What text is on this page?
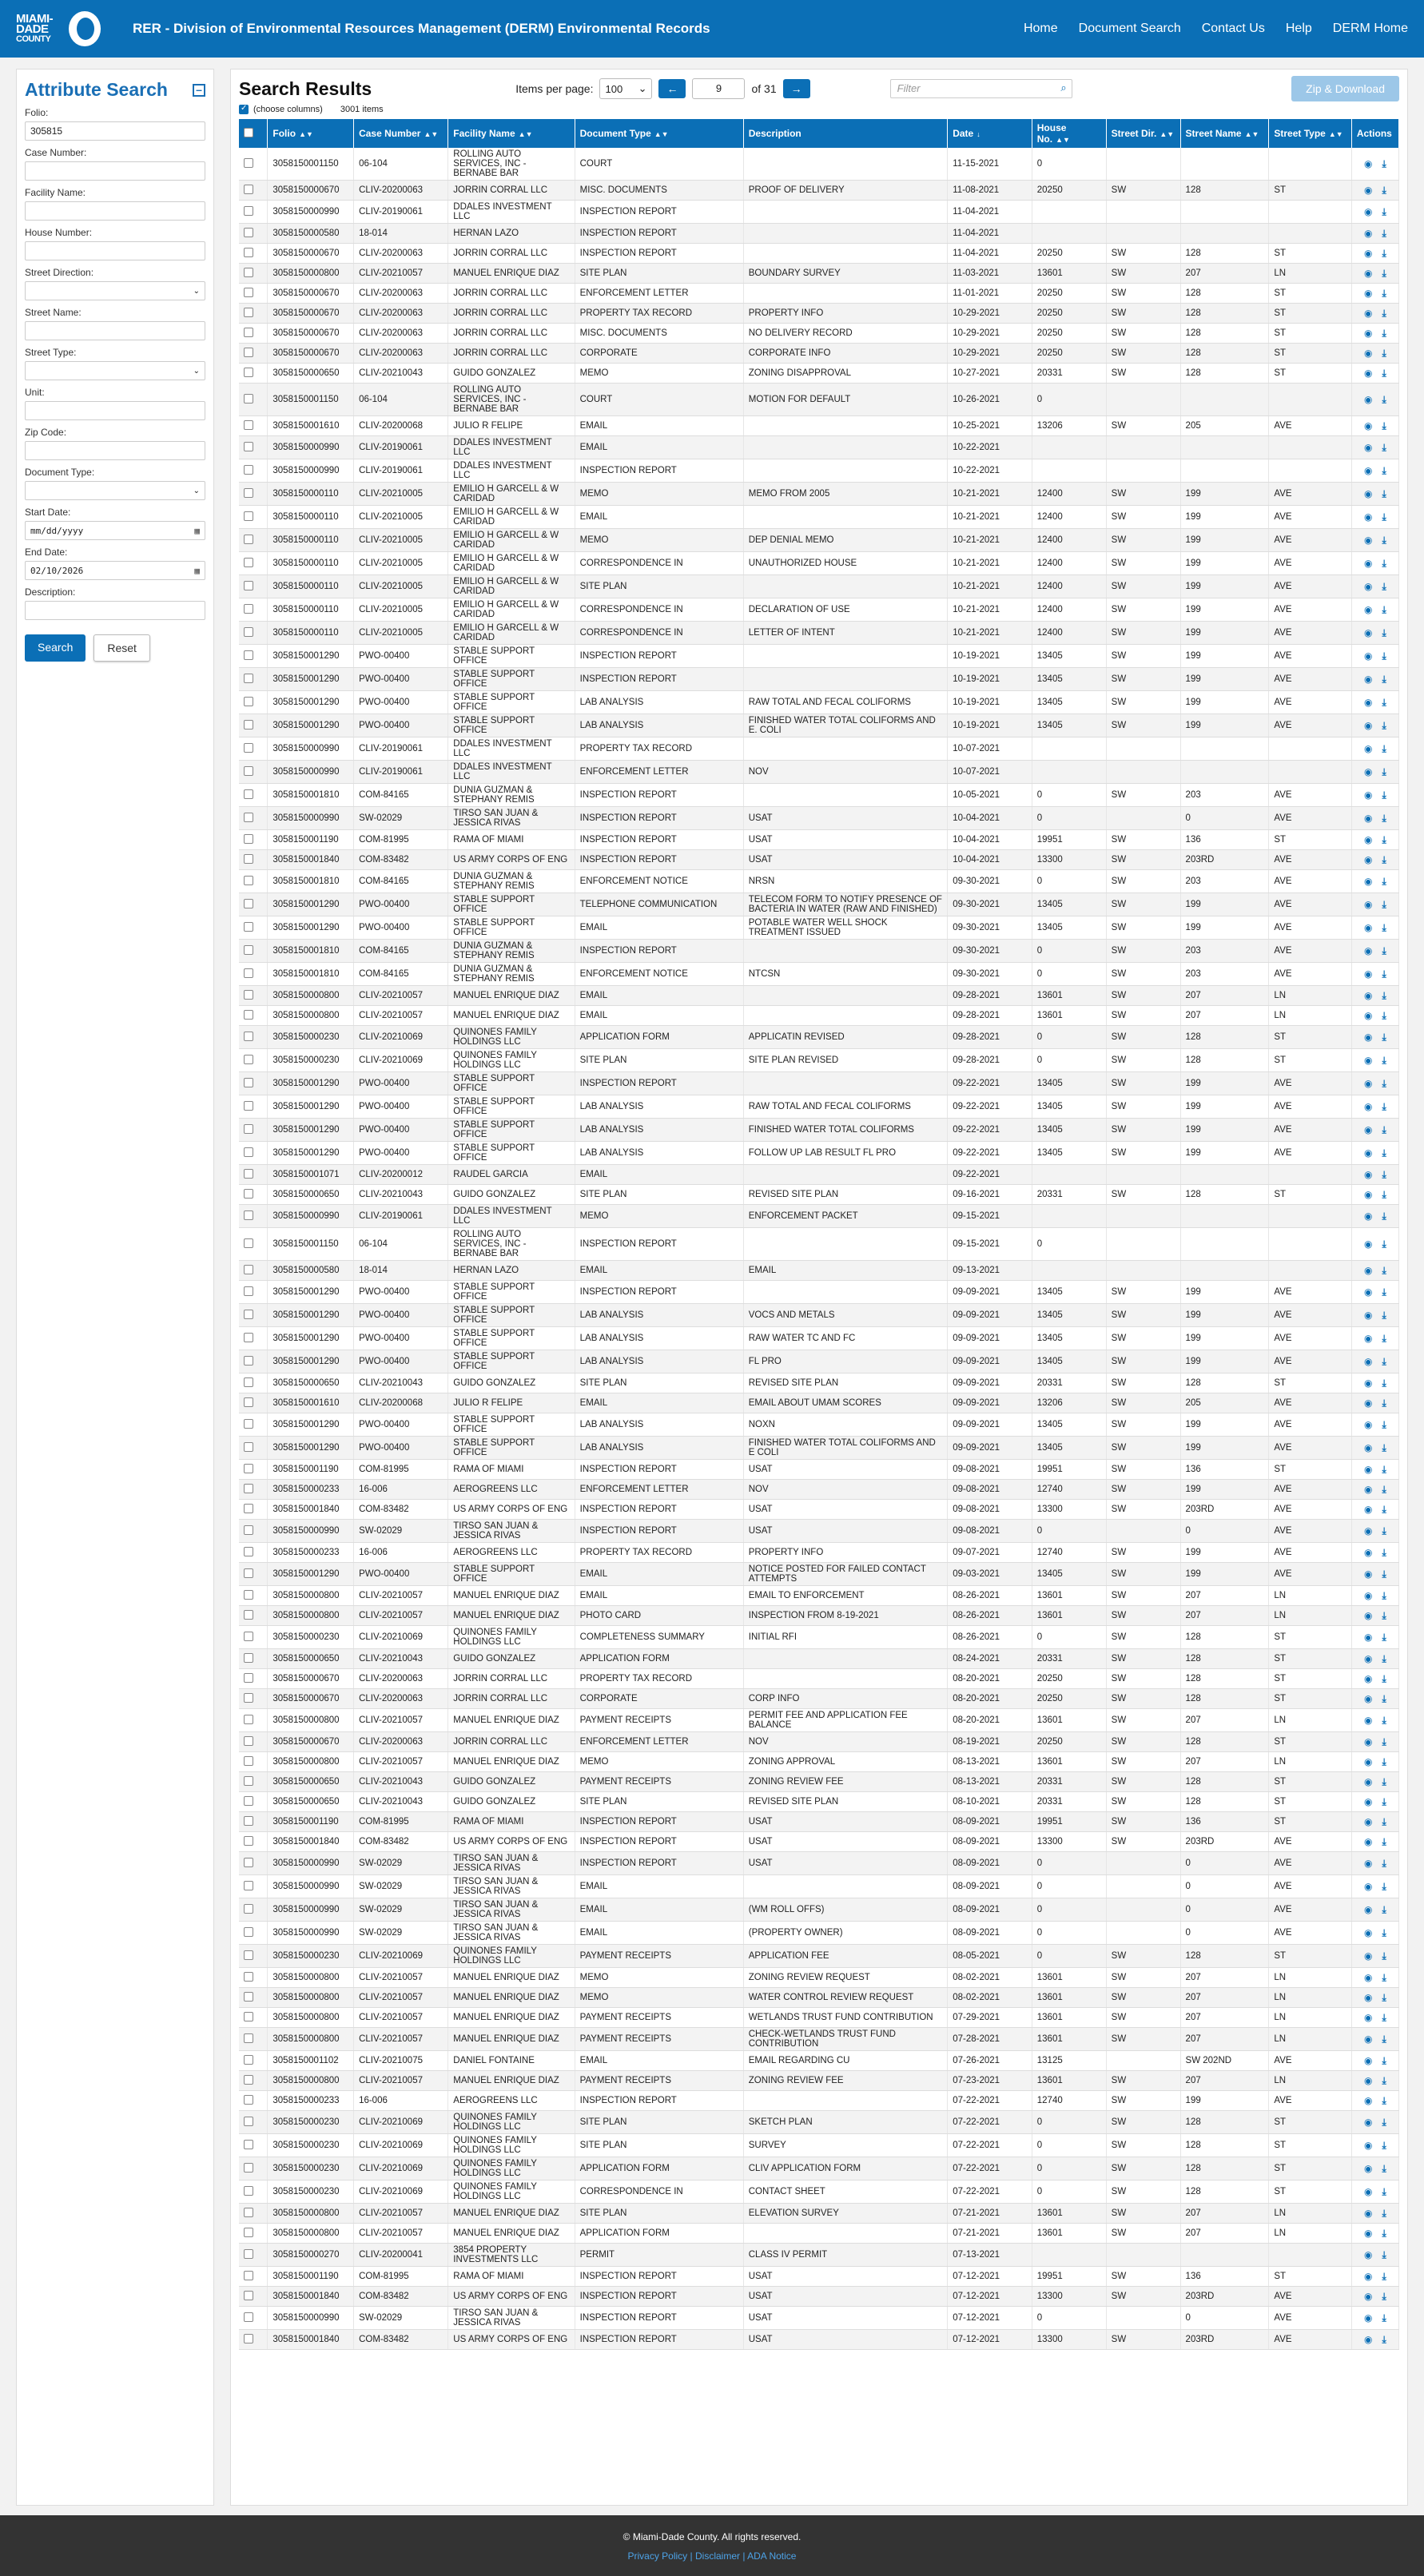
MIAMI-DADE
COUNTY
RER - Division of Environmental Resources Management (DERM) Environmental Records	Home Document Search Contact Us Help DERM Home
Attribute Search	–
Folio:
305815
Case Number:
Facility Name:
House Number:
Street Direction:
⌄
Street Name:
Street Type:
⌄
Unit:
Zip Code:
Document Type:
⌄
Start Date:
mm/dd/yyyy	▦
End Date:
02/10/2026	▦
Description:
Search	Reset
Search Results	Items per page: 100 ⌄	←	9	of 31	→	Filter	⌕	Zip & Download
✓
(choose columns) 3001 items
	Folio ▲▼	Case Number ▲▼	Facility Name ▲▼	Document Type ▲▼	Description	Date ↓	House No. ▲▼	Street Dir. ▲▼	Street Name ▲▼	Street Type ▲▼	Actions
	3058150001150	06-104	ROLLING AUTO SERVICES, INC - BERNABE BAR	COURT		11-15-2021	0				◉ ⤓

	3058150000670	CLIV-20200063	JORRIN CORRAL LLC	MISC. DOCUMENTS	PROOF OF DELIVERY	11-08-2021	20250	SW	128	ST	◉ ⤓

	3058150000990	CLIV-20190061	DDALES INVESTMENT LLC	INSPECTION REPORT		11-04-2021					◉ ⤓

	3058150000580	18-014	HERNAN LAZO	INSPECTION REPORT		11-04-2021					◉ ⤓

	3058150000670	CLIV-20200063	JORRIN CORRAL LLC	INSPECTION REPORT		11-04-2021	20250	SW	128	ST	◉ ⤓

	3058150000800	CLIV-20210057	MANUEL ENRIQUE DIAZ	SITE PLAN	BOUNDARY SURVEY	11-03-2021	13601	SW	207	LN	◉ ⤓

	3058150000670	CLIV-20200063	JORRIN CORRAL LLC	ENFORCEMENT LETTER		11-01-2021	20250	SW	128	ST	◉ ⤓

	3058150000670	CLIV-20200063	JORRIN CORRAL LLC	PROPERTY TAX RECORD	PROPERTY INFO	10-29-2021	20250	SW	128	ST	◉ ⤓

	3058150000670	CLIV-20200063	JORRIN CORRAL LLC	MISC. DOCUMENTS	NO DELIVERY RECORD	10-29-2021	20250	SW	128	ST	◉ ⤓

	3058150000670	CLIV-20200063	JORRIN CORRAL LLC	CORPORATE	CORPORATE INFO	10-29-2021	20250	SW	128	ST	◉ ⤓

	3058150000650	CLIV-20210043	GUIDO GONZALEZ	MEMO	ZONING DISAPPROVAL	10-27-2021	20331	SW	128	ST	◉ ⤓

	3058150001150	06-104	ROLLING AUTO SERVICES, INC - BERNABE BAR	COURT	MOTION FOR DEFAULT	10-26-2021	0				◉ ⤓

	3058150001610	CLIV-20200068	JULIO R FELIPE	EMAIL		10-25-2021	13206	SW	205	AVE	◉ ⤓

	3058150000990	CLIV-20190061	DDALES INVESTMENT LLC	EMAIL		10-22-2021					◉ ⤓

	3058150000990	CLIV-20190061	DDALES INVESTMENT LLC	INSPECTION REPORT		10-22-2021					◉ ⤓

	3058150000110	CLIV-20210005	EMILIO H GARCELL & W CARIDAD	MEMO	MEMO FROM 2005	10-21-2021	12400	SW	199	AVE	◉ ⤓

	3058150000110	CLIV-20210005	EMILIO H GARCELL & W CARIDAD	EMAIL		10-21-2021	12400	SW	199	AVE	◉ ⤓

	3058150000110	CLIV-20210005	EMILIO H GARCELL & W CARIDAD	MEMO	DEP DENIAL MEMO	10-21-2021	12400	SW	199	AVE	◉ ⤓

	3058150000110	CLIV-20210005	EMILIO H GARCELL & W CARIDAD	CORRESPONDENCE IN	UNAUTHORIZED HOUSE	10-21-2021	12400	SW	199	AVE	◉ ⤓

	3058150000110	CLIV-20210005	EMILIO H GARCELL & W CARIDAD	SITE PLAN		10-21-2021	12400	SW	199	AVE	◉ ⤓

	3058150000110	CLIV-20210005	EMILIO H GARCELL & W CARIDAD	CORRESPONDENCE IN	DECLARATION OF USE	10-21-2021	12400	SW	199	AVE	◉ ⤓

	3058150000110	CLIV-20210005	EMILIO H GARCELL & W CARIDAD	CORRESPONDENCE IN	LETTER OF INTENT	10-21-2021	12400	SW	199	AVE	◉ ⤓

	3058150001290	PWO-00400	STABLE SUPPORT OFFICE	INSPECTION REPORT		10-19-2021	13405	SW	199	AVE	◉ ⤓

	3058150001290	PWO-00400	STABLE SUPPORT OFFICE	INSPECTION REPORT		10-19-2021	13405	SW	199	AVE	◉ ⤓

	3058150001290	PWO-00400	STABLE SUPPORT OFFICE	LAB ANALYSIS	RAW TOTAL AND FECAL COLIFORMS	10-19-2021	13405	SW	199	AVE	◉ ⤓

	3058150001290	PWO-00400	STABLE SUPPORT OFFICE	LAB ANALYSIS	FINISHED WATER TOTAL COLIFORMS AND E. COLI	10-19-2021	13405	SW	199	AVE	◉ ⤓

	3058150000990	CLIV-20190061	DDALES INVESTMENT LLC	PROPERTY TAX RECORD		10-07-2021					◉ ⤓

	3058150000990	CLIV-20190061	DDALES INVESTMENT LLC	ENFORCEMENT LETTER	NOV	10-07-2021					◉ ⤓

	3058150001810	COM-84165	DUNIA GUZMAN & STEPHANY REMIS	INSPECTION REPORT		10-05-2021	0	SW	203	AVE	◉ ⤓

	3058150000990	SW-02029	TIRSO SAN JUAN & JESSICA RIVAS	INSPECTION REPORT	USAT	10-04-2021	0		0	AVE	◉ ⤓

	3058150001190	COM-81995	RAMA OF MIAMI	INSPECTION REPORT	USAT	10-04-2021	19951	SW	136	ST	◉ ⤓

	3058150001840	COM-83482	US ARMY CORPS OF ENG	INSPECTION REPORT	USAT	10-04-2021	13300	SW	203RD	AVE	◉ ⤓

	3058150001810	COM-84165	DUNIA GUZMAN & STEPHANY REMIS	ENFORCEMENT NOTICE	NRSN	09-30-2021	0	SW	203	AVE	◉ ⤓

	3058150001290	PWO-00400	STABLE SUPPORT OFFICE	TELEPHONE COMMUNICATION	TELECOM FORM TO NOTIFY PRESENCE OF BACTERIA IN WATER (RAW AND FINISHED)	09-30-2021	13405	SW	199	AVE	◉ ⤓

	3058150001290	PWO-00400	STABLE SUPPORT OFFICE	EMAIL	POTABLE WATER WELL SHOCK TREATMENT ISSUED	09-30-2021	13405	SW	199	AVE	◉ ⤓

	3058150001810	COM-84165	DUNIA GUZMAN & STEPHANY REMIS	INSPECTION REPORT		09-30-2021	0	SW	203	AVE	◉ ⤓

	3058150001810	COM-84165	DUNIA GUZMAN & STEPHANY REMIS	ENFORCEMENT NOTICE	NTCSN	09-30-2021	0	SW	203	AVE	◉ ⤓

	3058150000800	CLIV-20210057	MANUEL ENRIQUE DIAZ	EMAIL		09-28-2021	13601	SW	207	LN	◉ ⤓

	3058150000800	CLIV-20210057	MANUEL ENRIQUE DIAZ	EMAIL		09-28-2021	13601	SW	207	LN	◉ ⤓

	3058150000230	CLIV-20210069	QUINONES FAMILY HOLDINGS LLC	APPLICATION FORM	APPLICATIN REVISED	09-28-2021	0	SW	128	ST	◉ ⤓

	3058150000230	CLIV-20210069	QUINONES FAMILY HOLDINGS LLC	SITE PLAN	SITE PLAN REVISED	09-28-2021	0	SW	128	ST	◉ ⤓

	3058150001290	PWO-00400	STABLE SUPPORT OFFICE	INSPECTION REPORT		09-22-2021	13405	SW	199	AVE	◉ ⤓

	3058150001290	PWO-00400	STABLE SUPPORT OFFICE	LAB ANALYSIS	RAW TOTAL AND FECAL COLIFORMS	09-22-2021	13405	SW	199	AVE	◉ ⤓

	3058150001290	PWO-00400	STABLE SUPPORT OFFICE	LAB ANALYSIS	FINISHED WATER TOTAL COLIFORMS	09-22-2021	13405	SW	199	AVE	◉ ⤓

	3058150001290	PWO-00400	STABLE SUPPORT OFFICE	LAB ANALYSIS	FOLLOW UP LAB RESULT FL PRO	09-22-2021	13405	SW	199	AVE	◉ ⤓

	3058150001071	CLIV-20200012	RAUDEL GARCIA	EMAIL		09-22-2021					◉ ⤓

	3058150000650	CLIV-20210043	GUIDO GONZALEZ	SITE PLAN	REVISED SITE PLAN	09-16-2021	20331	SW	128	ST	◉ ⤓

	3058150000990	CLIV-20190061	DDALES INVESTMENT LLC	MEMO	ENFORCEMENT PACKET	09-15-2021					◉ ⤓

	3058150001150	06-104	ROLLING AUTO SERVICES, INC - BERNABE BAR	INSPECTION REPORT		09-15-2021	0				◉ ⤓

	3058150000580	18-014	HERNAN LAZO	EMAIL	EMAIL	09-13-2021					◉ ⤓

	3058150001290	PWO-00400	STABLE SUPPORT OFFICE	INSPECTION REPORT		09-09-2021	13405	SW	199	AVE	◉ ⤓

	3058150001290	PWO-00400	STABLE SUPPORT OFFICE	LAB ANALYSIS	VOCS AND METALS	09-09-2021	13405	SW	199	AVE	◉ ⤓

	3058150001290	PWO-00400	STABLE SUPPORT OFFICE	LAB ANALYSIS	RAW WATER TC AND FC	09-09-2021	13405	SW	199	AVE	◉ ⤓

	3058150001290	PWO-00400	STABLE SUPPORT OFFICE	LAB ANALYSIS	FL PRO	09-09-2021	13405	SW	199	AVE	◉ ⤓

	3058150000650	CLIV-20210043	GUIDO GONZALEZ	SITE PLAN	REVISED SITE PLAN	09-09-2021	20331	SW	128	ST	◉ ⤓

	3058150001610	CLIV-20200068	JULIO R FELIPE	EMAIL	EMAIL ABOUT UMAM SCORES	09-09-2021	13206	SW	205	AVE	◉ ⤓

	3058150001290	PWO-00400	STABLE SUPPORT OFFICE	LAB ANALYSIS	NOXN	09-09-2021	13405	SW	199	AVE	◉ ⤓

	3058150001290	PWO-00400	STABLE SUPPORT OFFICE	LAB ANALYSIS	FINISHED WATER TOTAL COLIFORMS AND E COLI	09-09-2021	13405	SW	199	AVE	◉ ⤓

	3058150001190	COM-81995	RAMA OF MIAMI	INSPECTION REPORT	USAT	09-08-2021	19951	SW	136	ST	◉ ⤓

	3058150000233	16-006	AEROGREENS LLC	ENFORCEMENT LETTER	NOV	09-08-2021	12740	SW	199	AVE	◉ ⤓

	3058150001840	COM-83482	US ARMY CORPS OF ENG	INSPECTION REPORT	USAT	09-08-2021	13300	SW	203RD	AVE	◉ ⤓

	3058150000990	SW-02029	TIRSO SAN JUAN & JESSICA RIVAS	INSPECTION REPORT	USAT	09-08-2021	0		0	AVE	◉ ⤓

	3058150000233	16-006	AEROGREENS LLC	PROPERTY TAX RECORD	PROPERTY INFO	09-07-2021	12740	SW	199	AVE	◉ ⤓

	3058150001290	PWO-00400	STABLE SUPPORT OFFICE	EMAIL	NOTICE POSTED FOR FAILED CONTACT ATTEMPTS	09-03-2021	13405	SW	199	AVE	◉ ⤓

	3058150000800	CLIV-20210057	MANUEL ENRIQUE DIAZ	EMAIL	EMAIL TO ENFORCEMENT	08-26-2021	13601	SW	207	LN	◉ ⤓

	3058150000800	CLIV-20210057	MANUEL ENRIQUE DIAZ	PHOTO CARD	INSPECTION FROM 8-19-2021	08-26-2021	13601	SW	207	LN	◉ ⤓

	3058150000230	CLIV-20210069	QUINONES FAMILY HOLDINGS LLC	COMPLETENESS SUMMARY	INITIAL RFI	08-26-2021	0	SW	128	ST	◉ ⤓

	3058150000650	CLIV-20210043	GUIDO GONZALEZ	APPLICATION FORM		08-24-2021	20331	SW	128	ST	◉ ⤓

	3058150000670	CLIV-20200063	JORRIN CORRAL LLC	PROPERTY TAX RECORD		08-20-2021	20250	SW	128	ST	◉ ⤓

	3058150000670	CLIV-20200063	JORRIN CORRAL LLC	CORPORATE	CORP INFO	08-20-2021	20250	SW	128	ST	◉ ⤓

	3058150000800	CLIV-20210057	MANUEL ENRIQUE DIAZ	PAYMENT RECEIPTS	PERMIT FEE AND APPLICATION FEE BALANCE	08-20-2021	13601	SW	207	LN	◉ ⤓

	3058150000670	CLIV-20200063	JORRIN CORRAL LLC	ENFORCEMENT LETTER	NOV	08-19-2021	20250	SW	128	ST	◉ ⤓

	3058150000800	CLIV-20210057	MANUEL ENRIQUE DIAZ	MEMO	ZONING APPROVAL	08-13-2021	13601	SW	207	LN	◉ ⤓

	3058150000650	CLIV-20210043	GUIDO GONZALEZ	PAYMENT RECEIPTS	ZONING REVIEW FEE	08-13-2021	20331	SW	128	ST	◉ ⤓

	3058150000650	CLIV-20210043	GUIDO GONZALEZ	SITE PLAN	REVISED SITE PLAN	08-10-2021	20331	SW	128	ST	◉ ⤓

	3058150001190	COM-81995	RAMA OF MIAMI	INSPECTION REPORT	USAT	08-09-2021	19951	SW	136	ST	◉ ⤓

	3058150001840	COM-83482	US ARMY CORPS OF ENG	INSPECTION REPORT	USAT	08-09-2021	13300	SW	203RD	AVE	◉ ⤓

	3058150000990	SW-02029	TIRSO SAN JUAN & JESSICA RIVAS	INSPECTION REPORT	USAT	08-09-2021	0		0	AVE	◉ ⤓

	3058150000990	SW-02029	TIRSO SAN JUAN & JESSICA RIVAS	EMAIL		08-09-2021	0		0	AVE	◉ ⤓

	3058150000990	SW-02029	TIRSO SAN JUAN & JESSICA RIVAS	EMAIL	(WM ROLL OFFS)	08-09-2021	0		0	AVE	◉ ⤓

	3058150000990	SW-02029	TIRSO SAN JUAN & JESSICA RIVAS	EMAIL	(PROPERTY OWNER)	08-09-2021	0		0	AVE	◉ ⤓

	3058150000230	CLIV-20210069	QUINONES FAMILY HOLDINGS LLC	PAYMENT RECEIPTS	APPLICATION FEE	08-05-2021	0	SW	128	ST	◉ ⤓

	3058150000800	CLIV-20210057	MANUEL ENRIQUE DIAZ	MEMO	ZONING REVIEW REQUEST	08-02-2021	13601	SW	207	LN	◉ ⤓

	3058150000800	CLIV-20210057	MANUEL ENRIQUE DIAZ	MEMO	WATER CONTROL REVIEW REQUEST	08-02-2021	13601	SW	207	LN	◉ ⤓

	3058150000800	CLIV-20210057	MANUEL ENRIQUE DIAZ	PAYMENT RECEIPTS	WETLANDS TRUST FUND CONTRIBUTION	07-29-2021	13601	SW	207	LN	◉ ⤓

	3058150000800	CLIV-20210057	MANUEL ENRIQUE DIAZ	PAYMENT RECEIPTS	CHECK-WETLANDS TRUST FUND CONTRIBUTION	07-28-2021	13601	SW	207	LN	◉ ⤓

	3058150001102	CLIV-20210075	DANIEL FONTAINE	EMAIL	EMAIL REGARDING CU	07-26-2021	13125		SW 202ND	AVE	◉ ⤓

	3058150000800	CLIV-20210057	MANUEL ENRIQUE DIAZ	PAYMENT RECEIPTS	ZONING REVIEW FEE	07-23-2021	13601	SW	207	LN	◉ ⤓

	3058150000233	16-006	AEROGREENS LLC	INSPECTION REPORT		07-22-2021	12740	SW	199	AVE	◉ ⤓

	3058150000230	CLIV-20210069	QUINONES FAMILY HOLDINGS LLC	SITE PLAN	SKETCH PLAN	07-22-2021	0	SW	128	ST	◉ ⤓

	3058150000230	CLIV-20210069	QUINONES FAMILY HOLDINGS LLC	SITE PLAN	SURVEY	07-22-2021	0	SW	128	ST	◉ ⤓

	3058150000230	CLIV-20210069	QUINONES FAMILY HOLDINGS LLC	APPLICATION FORM	CLIV APPLICATION FORM	07-22-2021	0	SW	128	ST	◉ ⤓

	3058150000230	CLIV-20210069	QUINONES FAMILY HOLDINGS LLC	CORRESPONDENCE IN	CONTACT SHEET	07-22-2021	0	SW	128	ST	◉ ⤓

	3058150000800	CLIV-20210057	MANUEL ENRIQUE DIAZ	SITE PLAN	ELEVATION SURVEY	07-21-2021	13601	SW	207	LN	◉ ⤓

	3058150000800	CLIV-20210057	MANUEL ENRIQUE DIAZ	APPLICATION FORM		07-21-2021	13601	SW	207	LN	◉ ⤓

	3058150000270	CLIV-20200041	3854 PROPERTY INVESTMENTS LLC	PERMIT	CLASS IV PERMIT	07-13-2021					◉ ⤓

	3058150001190	COM-81995	RAMA OF MIAMI	INSPECTION REPORT	USAT	07-12-2021	19951	SW	136	ST	◉ ⤓

	3058150001840	COM-83482	US ARMY CORPS OF ENG	INSPECTION REPORT	USAT	07-12-2021	13300	SW	203RD	AVE	◉ ⤓

	3058150000990	SW-02029	TIRSO SAN JUAN & JESSICA RIVAS	INSPECTION REPORT	USAT	07-12-2021	0		0	AVE	◉ ⤓

	3058150001840	COM-83482	US ARMY CORPS OF ENG	INSPECTION REPORT	USAT	07-12-2021	13300	SW	203RD	AVE	◉ ⤓
© Miami-Dade County. All rights reserved.
Privacy Policy | Disclaimer | ADA Notice
